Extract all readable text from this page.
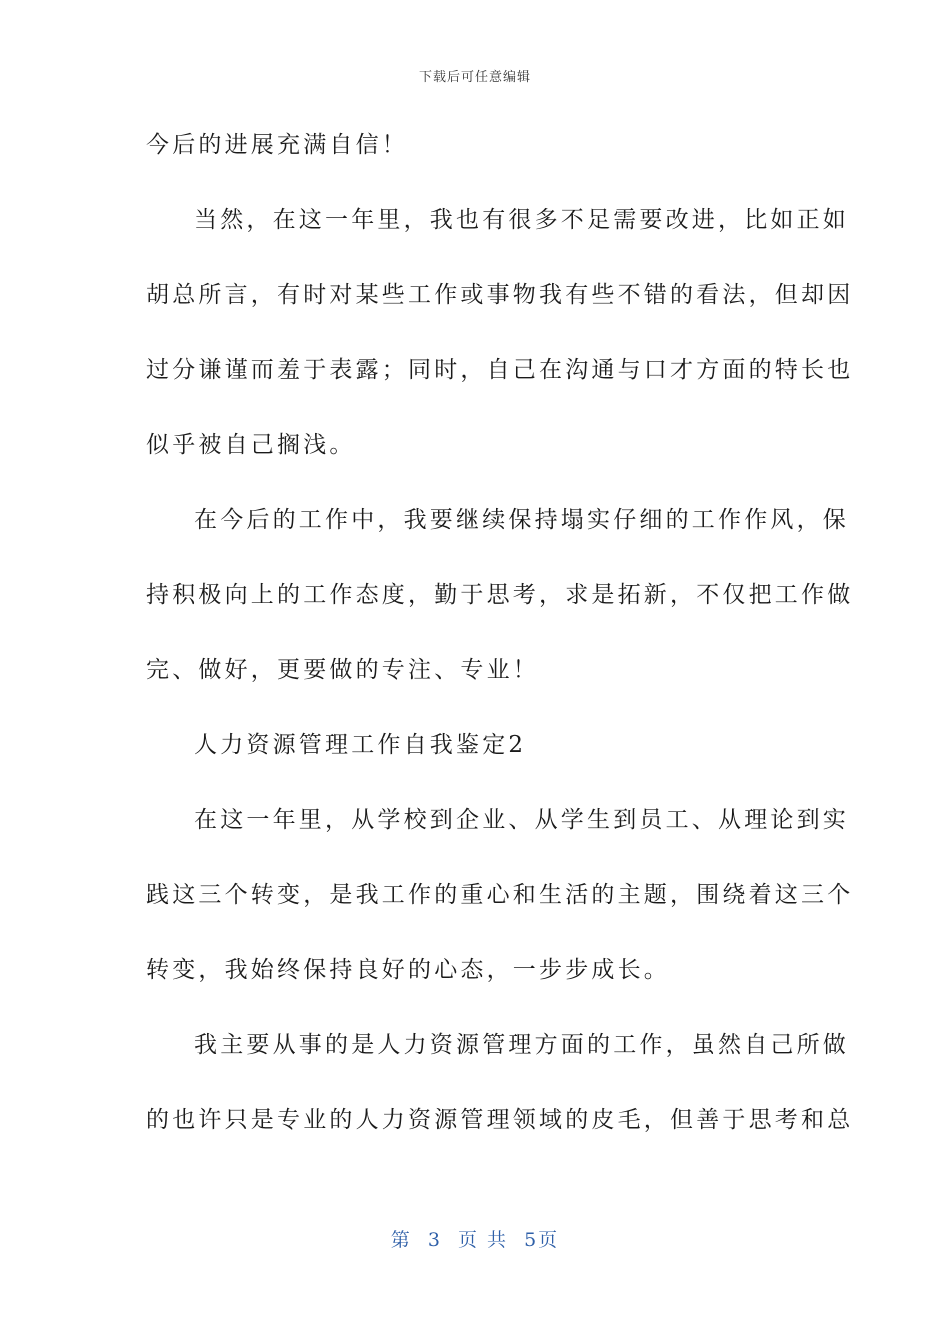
下载后可任意编辑
今后的进展充满自信！
当然，在这一年里，我也有很多不足需要改进，比如正如
胡总所言，有时对某些工作或事物我有些不错的看法，但却因
过分谦谨而羞于表露；同时，自己在沟通与口才方面的特长也
似乎被自己搁浅。
在今后的工作中，我要继续保持塌实仔细的工作作风，保
持积极向上的工作态度，勤于思考，求是拓新，不仅把工作做
完、做好，更要做的专注、专业！
人力资源管理工作自我鉴定2
在这一年里，从学校到企业、从学生到员工、从理论到实
践这三个转变，是我工作的重心和生活的主题，围绕着这三个
转变，我始终保持良好的心态，一步步成长。
我主要从事的是人力资源管理方面的工作，虽然自己所做
的也许只是专业的人力资源管理领域的皮毛，但善于思考和总
第 3 页 共 5页
